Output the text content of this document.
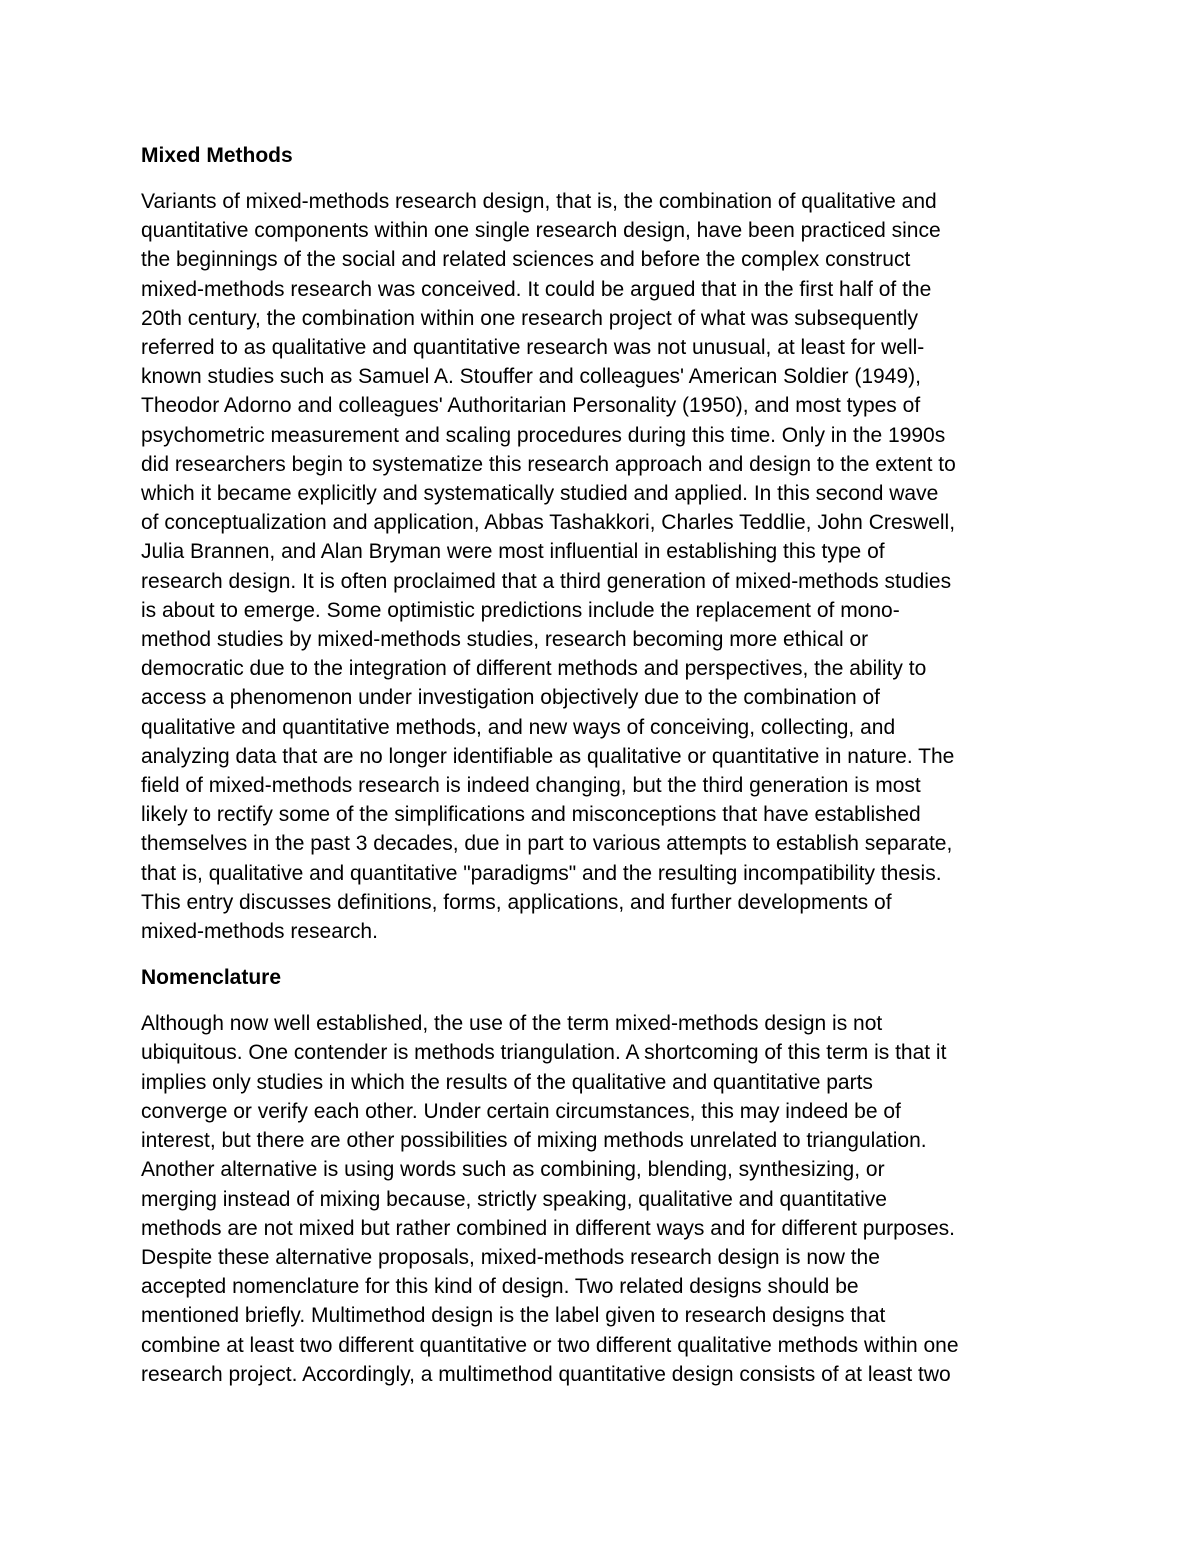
Mixed Methods

Variants of mixed-methods research design, that is, the combination of qualitative and
quantitative components within one single research design, have been practiced since
the beginnings of the social and related sciences and before the complex construct
mixed-methods research was conceived. It could be argued that in the first half of the
20th century, the combination within one research project of what was subsequently
referred to as qualitative and quantitative research was not unusual, at least for well-
known studies such as Samuel A. Stouffer and colleagues' American Soldier (1949),
Theodor Adorno and colleagues' Authoritarian Personality (1950), and most types of
psychometric measurement and scaling procedures during this time. Only in the 1990s
did researchers begin to systematize this research approach and design to the extent to
which it became explicitly and systematically studied and applied. In this second wave
of conceptualization and application, Abbas Tashakkori, Charles Teddlie, John Creswell,
Julia Brannen, and Alan Bryman were most influential in establishing this type of
research design. It is often proclaimed that a third generation of mixed-methods studies
is about to emerge. Some optimistic predictions include the replacement of mono-
method studies by mixed-methods studies, research becoming more ethical or
democratic due to the integration of different methods and perspectives, the ability to
access a phenomenon under investigation objectively due to the combination of
qualitative and quantitative methods, and new ways of conceiving, collecting, and
analyzing data that are no longer identifiable as qualitative or quantitative in nature. The
field of mixed-methods research is indeed changing, but the third generation is most
likely to rectify some of the simplifications and misconceptions that have established
themselves in the past 3 decades, due in part to various attempts to establish separate,
that is, qualitative and quantitative "paradigms" and the resulting incompatibility thesis.
This entry discusses definitions, forms, applications, and further developments of
mixed-methods research.

Nomenclature

Although now well established, the use of the term mixed-methods design is not
ubiquitous. One contender is methods triangulation. A shortcoming of this term is that it
implies only studies in which the results of the qualitative and quantitative parts
converge or verify each other. Under certain circumstances, this may indeed be of
interest, but there are other possibilities of mixing methods unrelated to triangulation.
Another alternative is using words such as combining, blending, synthesizing, or
merging instead of mixing because, strictly speaking, qualitative and quantitative
methods are not mixed but rather combined in different ways and for different purposes.
Despite these alternative proposals, mixed-methods research design is now the
accepted nomenclature for this kind of design. Two related designs should be
mentioned briefly. Multimethod design is the label given to research designs that
combine at least two different quantitative or two different qualitative methods within one
research project. Accordingly, a multimethod quantitative design consists of at least two
